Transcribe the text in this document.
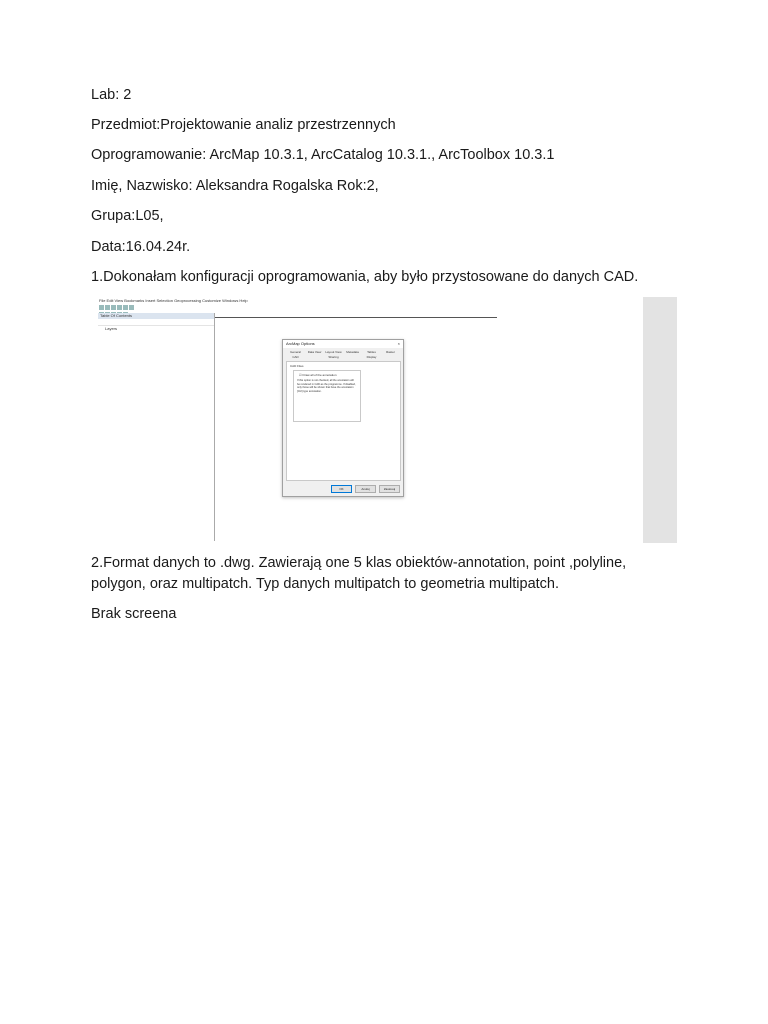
Lab: 2
Przedmiot:Projektowanie analiz przestrzennych
Oprogramowanie: ArcMap 10.3.1, ArcCatalog 10.3.1., ArcToolbox 10.3.1
Imię, Nazwisko: Aleksandra Rogalska Rok:2,
Grupa:L05,
Data:16.04.24r.
1.Dokonałam konfiguracji oprogramowania, aby było przystosowane do danych CAD.
File Edit View Bookmarks Insert Selection Geoprocessing Customize Windows Help
Table Of Contents
Layers
ArcMap Options	×
General	Data View	Layout View	Metadata	Tables	Raster
CAD	Sharing	Display
CAD Files
☑ Draw all of the annotation
If this option is not checked, all the annotation will be rendered in CAD as the programme. If disabled, only those will be shown that have the annotation [Ctrl] type annotation.
OK	Anuluj	Zastosuj
2.Format danych to .dwg. Zawierają one 5 klas obiektów-annotation, point ,polyline, polygon, oraz multipatch. Typ danych multipatch to geometria multipatch.
Brak screena
